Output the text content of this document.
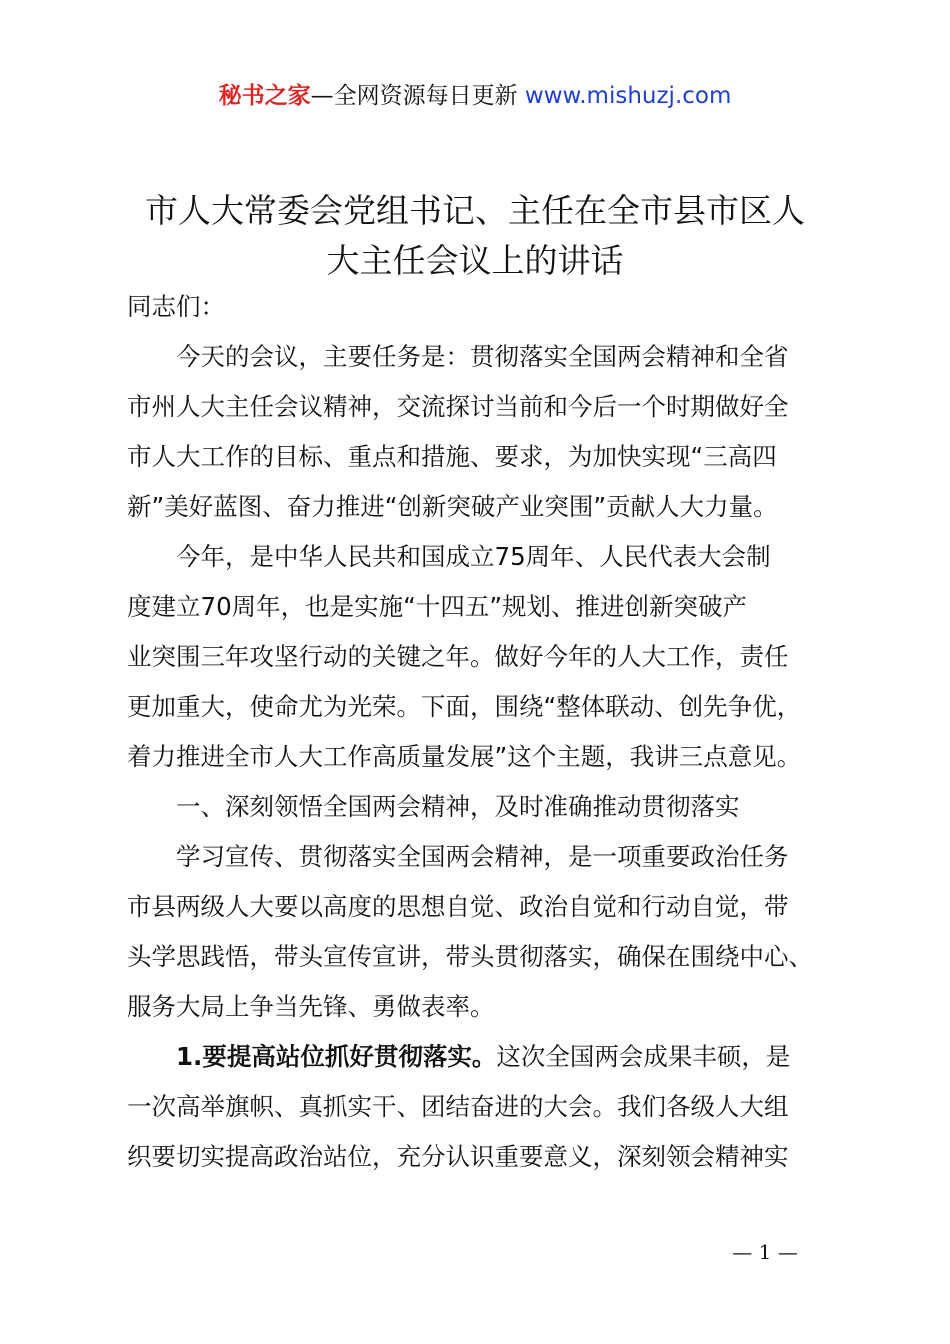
秘书之家—全网资源每日更新 www.mishuzj.com
市人大常委会党组书记、主任在全市县市区人
大主任会议上的讲话
同志们：
今天的会议，主要任务是：贯彻落实全国两会精神和全省
市州人大主任会议精神，交流探讨当前和今后一个时期做好全
市人大工作的目标、重点和措施、要求，为加快实现“三高四
新”美好蓝图、奋力推进“创新突破产业突围”贡献人大力量。
今年，是中华人民共和国成立75周年、人民代表大会制
度建立70周年，也是实施“十四五”规划、推进创新突破产
业突围三年攻坚行动的关键之年。做好今年的人大工作，责任
更加重大，使命尤为光荣。下面，围绕“整体联动、创先争优，
着力推进全市人大工作高质量发展”这个主题，我讲三点意见。
一、深刻领悟全国两会精神，及时准确推动贯彻落实
学习宣传、贯彻落实全国两会精神，是一项重要政治任务
市县两级人大要以高度的思想自觉、政治自觉和行动自觉，带
头学思践悟，带头宣传宣讲，带头贯彻落实，确保在围绕中心、
服务大局上争当先锋、勇做表率。
1.要提高站位抓好贯彻落实。这次全国两会成果丰硕，是
一次高举旗帜、真抓实干、团结奋进的大会。我们各级人大组
织要切实提高政治站位，充分认识重要意义，深刻领会精神实
— 1 —
